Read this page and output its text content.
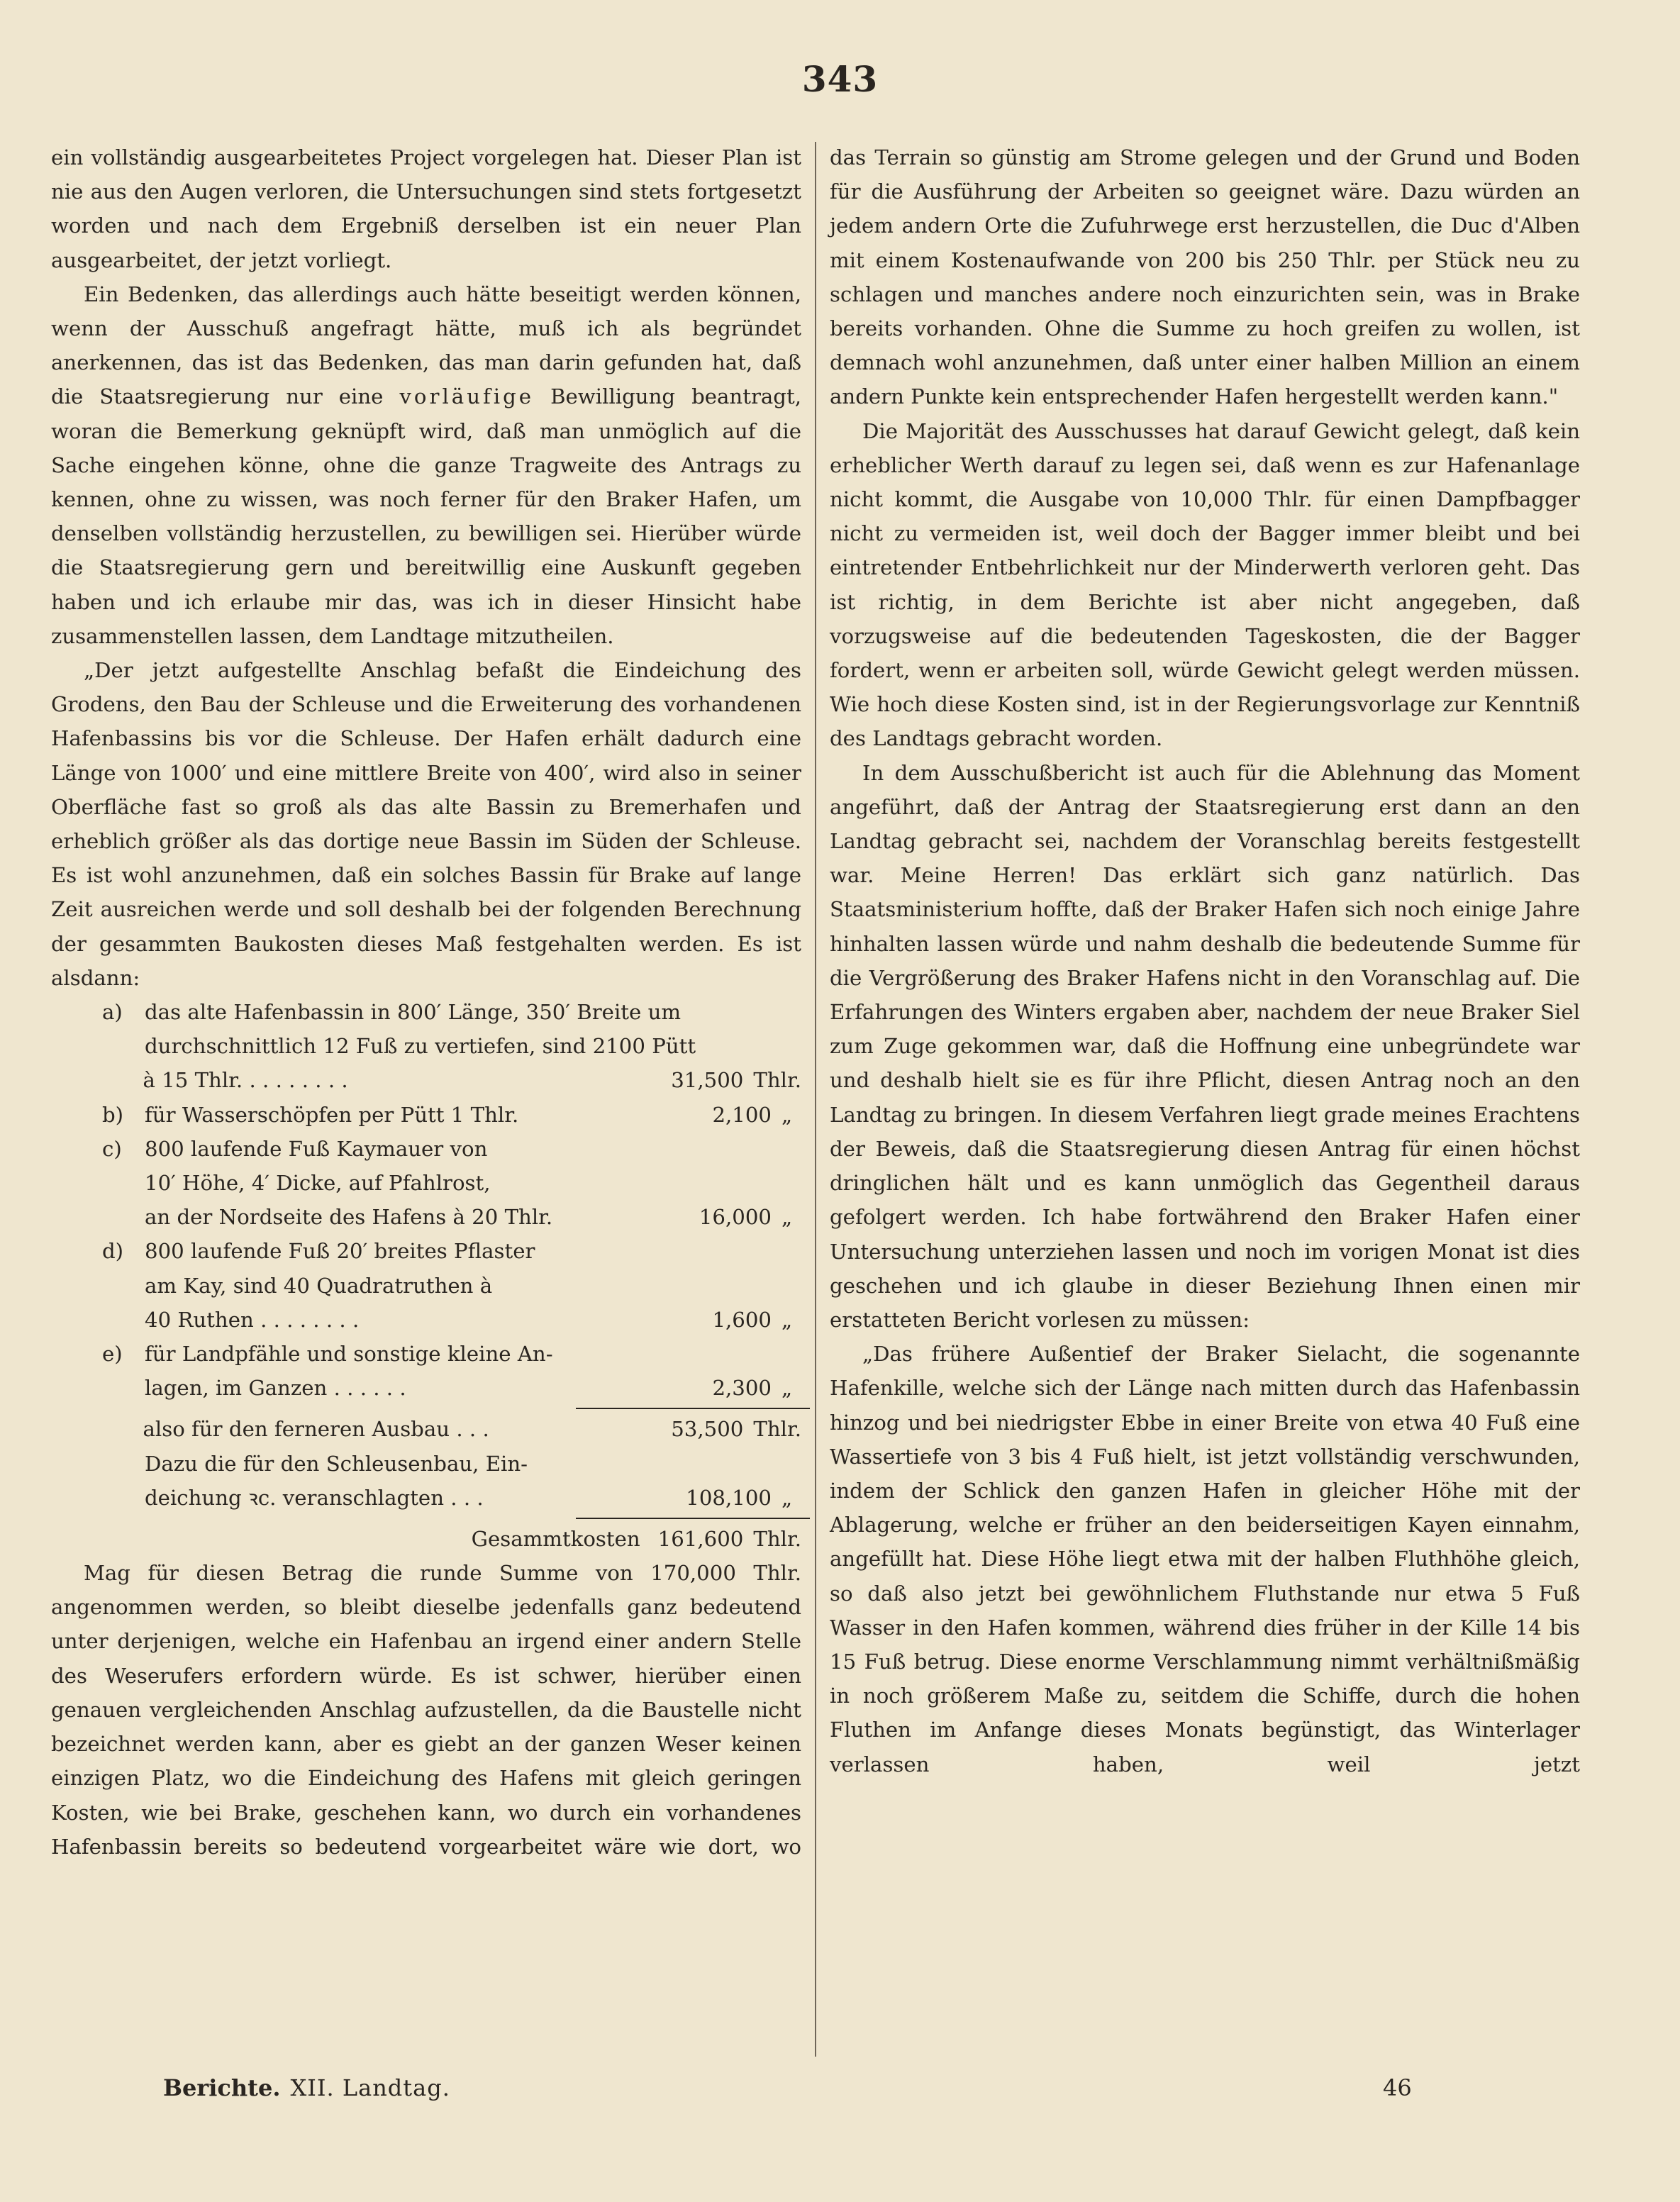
343

ein vollständig ausgearbeitetes Project vorgelegen hat. Dieser Plan ist nie aus den Augen verloren, die Untersuchungen sind stets fortgesetzt worden und nach dem Ergebniß derselben ist ein neuer Plan ausgearbeitet, der jetzt vorliegt.

Ein Bedenken, das allerdings auch hätte beseitigt werden können, wenn der Ausschuß angefragt hätte, muß ich als begründet anerkennen, das ist das Bedenken, das man darin gefunden hat, daß die Staatsregierung nur eine vorläufige Bewilligung beantragt, woran die Bemerkung geknüpft wird, daß man unmöglich auf die Sache eingehen könne, ohne die ganze Tragweite des Antrags zu kennen, ohne zu wissen, was noch ferner für den Braker Hafen, um denselben vollständig herzustellen, zu bewilligen sei. Hierüber würde die Staatsregierung gern und bereitwillig eine Auskunft gegeben haben und ich erlaube mir das, was ich in dieser Hinsicht habe zusammenstellen lassen, dem Landtage mitzutheilen.

„Der jetzt aufgestellte Anschlag befaßt die Eindeichung des Grodens, den Bau der Schleuse und die Erweiterung des vorhandenen Hafenbassins bis vor die Schleuse. Der Hafen erhält dadurch eine Länge von 1000′ und eine mittlere Breite von 400′, wird also in seiner Oberfläche fast so groß als das alte Bassin zu Bremerhafen und erheblich größer als das dortige neue Bassin im Süden der Schleuse. Es ist wohl anzunehmen, daß ein solches Bassin für Brake auf lange Zeit ausreichen werde und soll deshalb bei der folgenden Berechnung der gesammten Baukosten dieses Maß festgehalten werden. Es ist alsdann:

a)	das alte Hafenbassin in 800′ Länge, 350′ Breite um
durchschnittlich 12 Fuß zu vertiefen, sind 2100 Pütt
à 15 Thlr. . . . . . . . .	31,500 Thlr.
b)	für Wasserschöpfen per Pütt 1 Thlr.	2,100 „
c)	800 laufende Fuß Kaymauer von
10′ Höhe, 4′ Dicke, auf Pfahlrost,
an der Nordseite des Hafens à 20 Thlr.	16,000 „
d)	800 laufende Fuß 20′ breites Pflaster
am Kay, sind 40 Quadratruthen à
40 Ruthen . . . . . . . .	1,600 „
e)	für Landpfähle und sonstige kleine An-
lagen, im Ganzen . . . . . .	2,300 „
also für den ferneren Ausbau . . .	53,500 Thlr.
Dazu die für den Schleusenbau, Ein-
deichung ꝛc. veranschlagten . . .	108,100 „
Gesammtkosten 161,600 Thlr.

Mag für diesen Betrag die runde Summe von 170,000 Thlr. angenommen werden, so bleibt dieselbe jedenfalls ganz bedeutend unter derjenigen, welche ein Hafenbau an irgend einer andern Stelle des Weserufers erfordern würde. Es ist schwer, hierüber einen genauen vergleichenden Anschlag aufzustellen, da die Baustelle nicht bezeichnet werden kann, aber es giebt an der ganzen Weser keinen einzigen Platz, wo die Eindeichung des Hafens mit gleich geringen Kosten, wie bei Brake, geschehen kann, wo durch ein vorhandenes Hafenbassin bereits so bedeutend vorgearbeitet wäre wie dort, wo

das Terrain so günstig am Strome gelegen und der Grund und Boden für die Ausführung der Arbeiten so geeignet wäre. Dazu würden an jedem andern Orte die Zufuhrwege erst herzustellen, die Duc d'Alben mit einem Kostenaufwande von 200 bis 250 Thlr. per Stück neu zu schlagen und manches andere noch einzurichten sein, was in Brake bereits vorhanden. Ohne die Summe zu hoch greifen zu wollen, ist demnach wohl anzunehmen, daß unter einer halben Million an einem andern Punkte kein entsprechender Hafen hergestellt werden kann."

Die Majorität des Ausschusses hat darauf Gewicht gelegt, daß kein erheblicher Werth darauf zu legen sei, daß wenn es zur Hafenanlage nicht kommt, die Ausgabe von 10,000 Thlr. für einen Dampfbagger nicht zu vermeiden ist, weil doch der Bagger immer bleibt und bei eintretender Entbehrlichkeit nur der Minderwerth verloren geht. Das ist richtig, in dem Berichte ist aber nicht angegeben, daß vorzugsweise auf die bedeutenden Tageskosten, die der Bagger fordert, wenn er arbeiten soll, würde Gewicht gelegt werden müssen. Wie hoch diese Kosten sind, ist in der Regierungsvorlage zur Kenntniß des Landtags gebracht worden.

In dem Ausschußbericht ist auch für die Ablehnung das Moment angeführt, daß der Antrag der Staatsregierung erst dann an den Landtag gebracht sei, nachdem der Voranschlag bereits festgestellt war. Meine Herren! Das erklärt sich ganz natürlich. Das Staatsministerium hoffte, daß der Braker Hafen sich noch einige Jahre hinhalten lassen würde und nahm deshalb die bedeutende Summe für die Vergrößerung des Braker Hafens nicht in den Voranschlag auf. Die Erfahrungen des Winters ergaben aber, nachdem der neue Braker Siel zum Zuge gekommen war, daß die Hoffnung eine unbegründete war und deshalb hielt sie es für ihre Pflicht, diesen Antrag noch an den Landtag zu bringen. In diesem Verfahren liegt grade meines Erachtens der Beweis, daß die Staatsregierung diesen Antrag für einen höchst dringlichen hält und es kann unmöglich das Gegentheil daraus gefolgert werden. Ich habe fortwährend den Braker Hafen einer Untersuchung unterziehen lassen und noch im vorigen Monat ist dies geschehen und ich glaube in dieser Beziehung Ihnen einen mir erstatteten Bericht vorlesen zu müssen:

„Das frühere Außentief der Braker Sielacht, die sogenannte Hafenkille, welche sich der Länge nach mitten durch das Hafenbassin hinzog und bei niedrigster Ebbe in einer Breite von etwa 40 Fuß eine Wassertiefe von 3 bis 4 Fuß hielt, ist jetzt vollständig verschwunden, indem der Schlick den ganzen Hafen in gleicher Höhe mit der Ablagerung, welche er früher an den beiderseitigen Kayen einnahm, angefüllt hat. Diese Höhe liegt etwa mit der halben Fluthhöhe gleich, so daß also jetzt bei gewöhnlichem Fluthstande nur etwa 5 Fuß Wasser in den Hafen kommen, während dies früher in der Kille 14 bis 15 Fuß betrug. Diese enorme Verschlammung nimmt verhältnißmäßig in noch größerem Maße zu, seitdem die Schiffe, durch die hohen Fluthen im Anfange dieses Monats begünstigt, das Winterlager verlassen haben, weil jetzt

Berichte. XII. Landtag.	46
